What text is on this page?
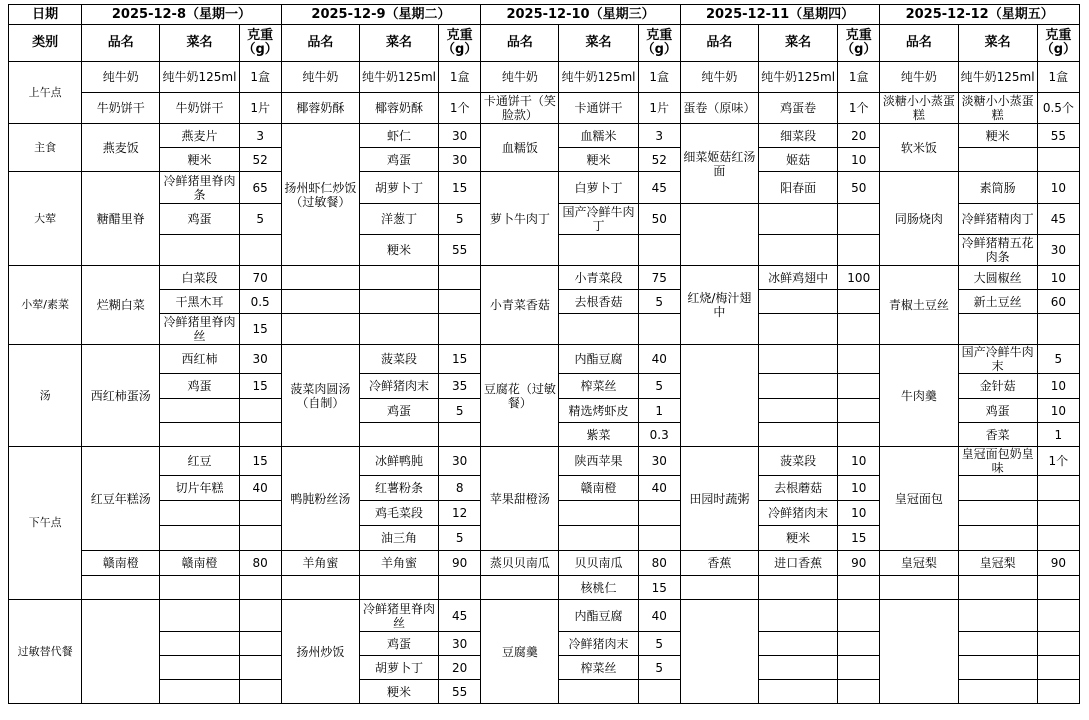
日期	2025-12-8（星期一）			2025-12-9（星期二）			2025-12-10（星期三）			2025-12-11（星期四）			2025-12-12（星期五）		
类别	品名	菜名	克重（g）	品名	菜名	克重（g）	品名	菜名	克重（g）	品名	菜名	克重（g）	品名	菜名	克重（g）
上午点	纯牛奶	纯牛奶125ml	1盒	纯牛奶	纯牛奶125ml	1盒	纯牛奶	纯牛奶125ml	1盒	纯牛奶	纯牛奶125ml	1盒	纯牛奶	纯牛奶125ml	1盒
	牛奶饼干	牛奶饼干	1片	椰蓉奶酥	椰蓉奶酥	1个	卡通饼干（笑脸款）	卡通饼干	1片	蛋卷（原味）	鸡蛋卷	1个	淡糖小小蒸蛋糕	淡糖小小蒸蛋糕	0.5个
主食	燕麦饭	燕麦片	3	扬州虾仁炒饭（过敏餐）	虾仁	30	血糯饭	血糯米	3	细菜姬菇红汤面	细菜段	20	软米饭	粳米	55
		粳米	52		鸡蛋	30		粳米	52		姬菇	10			
大荤	糖醋里脊	冷鲜猪里脊肉条	65		胡萝卜丁	15	萝卜牛肉丁	白萝卜丁	45		阳春面	50	同肠烧肉	素筒肠	10
		鸡蛋	5		洋葱丁	5		国产冷鲜牛肉丁	50					冷鲜猪精肉丁	45
					粳米	55								冷鲜猪精五花肉条	30
小荤/素菜	烂糊白菜	白菜段	70				小青菜香菇	小青菜段	75	红烧/梅汁翅中	冰鲜鸡翅中	100	青椒土豆丝	大圆椒丝	10
		干黑木耳	0.5					去根香菇	5					新土豆丝	60
		冷鲜猪里脊肉丝	15												
汤	西红柿蛋汤	西红柿	30	菠菜肉圆汤（自制）	菠菜段	15	豆腐花（过敏餐）	内酯豆腐	40				牛肉羹	国产冷鲜牛肉末	5
		鸡蛋	15		冷鲜猪肉末	35		榨菜丝	5					金针菇	10
					鸡蛋	5		精选烤虾皮	1					鸡蛋	10
								紫菜	0.3					香菜	1
下午点	红豆年糕汤	红豆	15	鸭肫粉丝汤	冰鲜鸭肫	30	苹果甜橙汤	陕西苹果	30	田园时蔬粥	菠菜段	10	皇冠面包	皇冠面包奶皇味	1个
		切片年糕	40		红薯粉条	8		赣南橙	40		去根蘑菇	10			
					鸡毛菜段	12					冷鲜猪肉末	10			
					油三角	5					粳米	15			
	赣南橙	赣南橙	80	羊角蜜	羊角蜜	90	蒸贝贝南瓜	贝贝南瓜	80	香蕉	进口香蕉	90	皇冠梨	皇冠梨	90
								核桃仁	15						
过敏替代餐				扬州炒饭	冷鲜猪里脊肉丝	45	豆腐羹	内酯豆腐	40						
					鸡蛋	30		冷鲜猪肉末	5						
					胡萝卜丁	20		榨菜丝	5						
					粳米	55									
